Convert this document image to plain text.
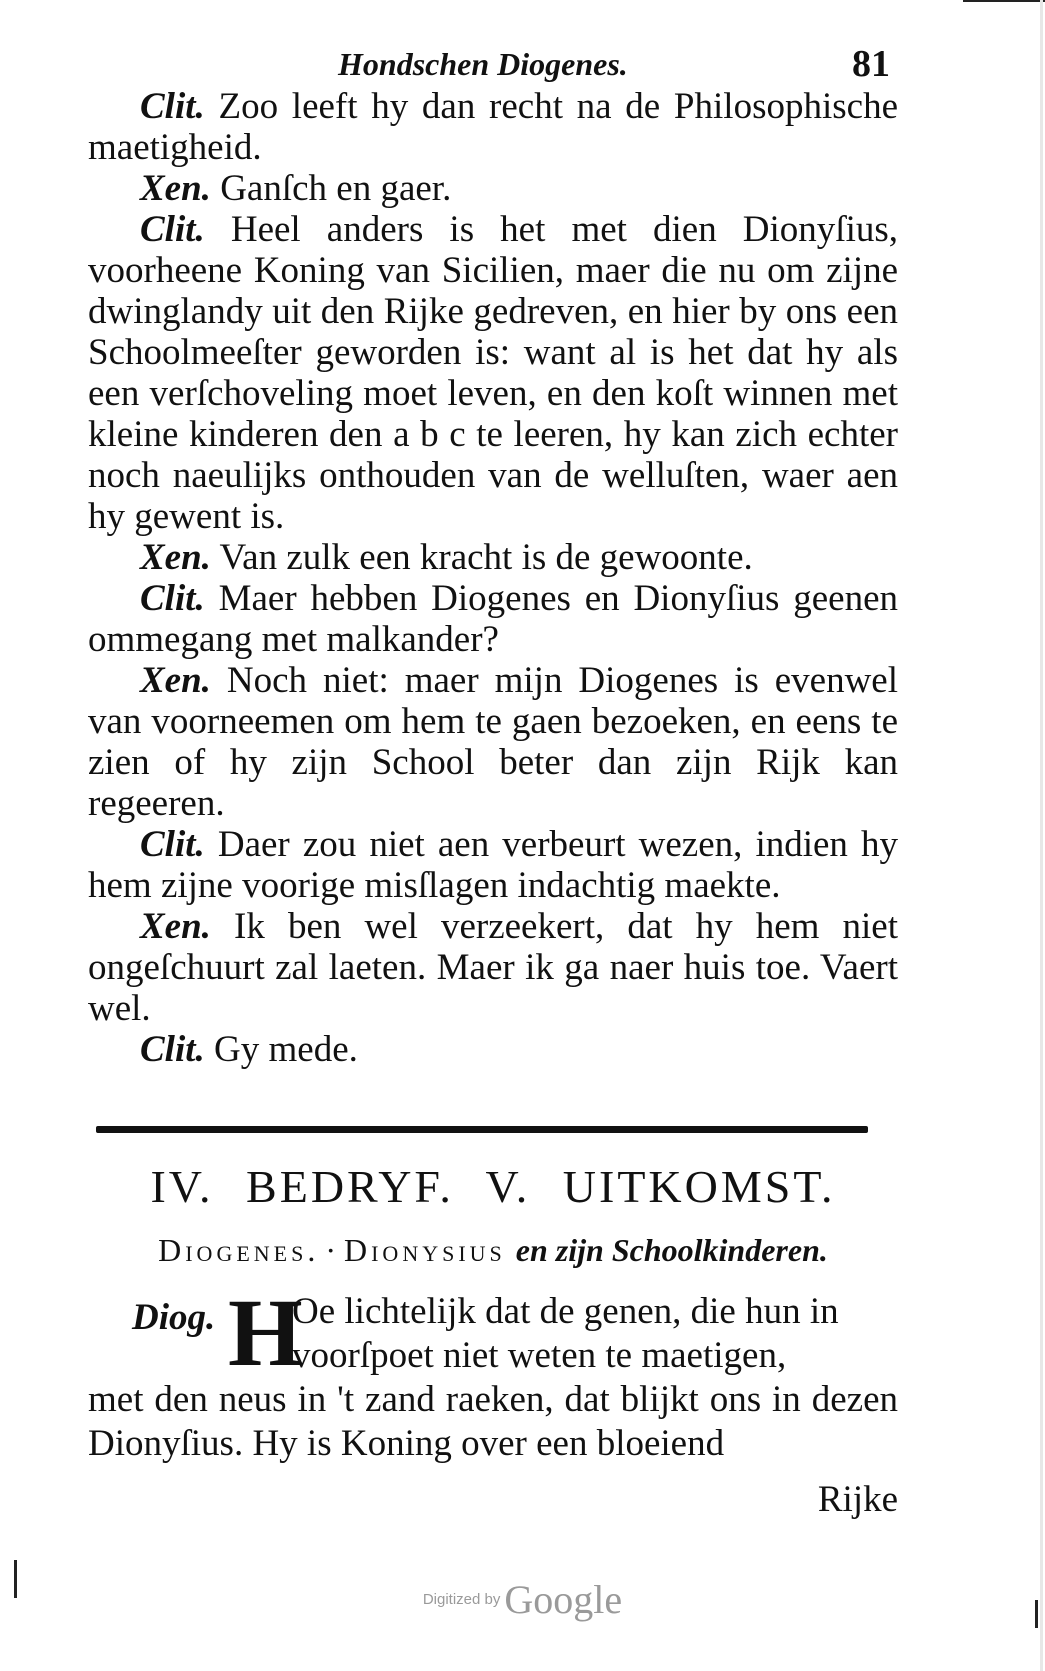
Hondschen Diogenes.	81

Clit. Zoo leeft hy dan recht na de Philosophische maetigheid.

Xen. Ganſch en gaer.

Clit. Heel anders is het met dien Dionyſius, voorheene Koning van Sicilien, maer die nu om zijne dwinglandy uit den Rijke gedreven, en hier by ons een Schoolmeeſter geworden is: want al is het dat hy als een verſchoveling moet leven, en den koſt winnen met kleine kinderen den a b c te leeren, hy kan zich echter noch naeulijks onthouden van de welluſten, waer aen hy gewent is.

Xen. Van zulk een kracht is de gewoonte.

Clit. Maer hebben Diogenes en Dionyſius geenen ommegang met malkander?

Xen. Noch niet: maer mijn Diogenes is evenwel van voorneemen om hem te gaen bezoeken, en eens te zien of hy zijn School beter dan zijn Rijk kan regeeren.

Clit. Daer zou niet aen verbeurt wezen, indien hy hem zijne voorige misſlagen indachtig maekte.

Xen. Ik ben wel verzeekert, dat hy hem niet ongeſchuurt zal laeten. Maer ik ga naer huis toe. Vaert wel.

Clit. Gy mede.

IV. BEDRYF. V. UITKOMST.
Diogenes. · Dionysius en zijn Schoolkinderen.
Diog. H
Oe lichtelijk dat de genen, die hun in
voorſpoet niet weten te maetigen,
met den neus in 't zand raeken, dat blijkt ons in dezen Dionyſius. Hy is Koning over een bloeiend
Rijke
Digitized by Google
